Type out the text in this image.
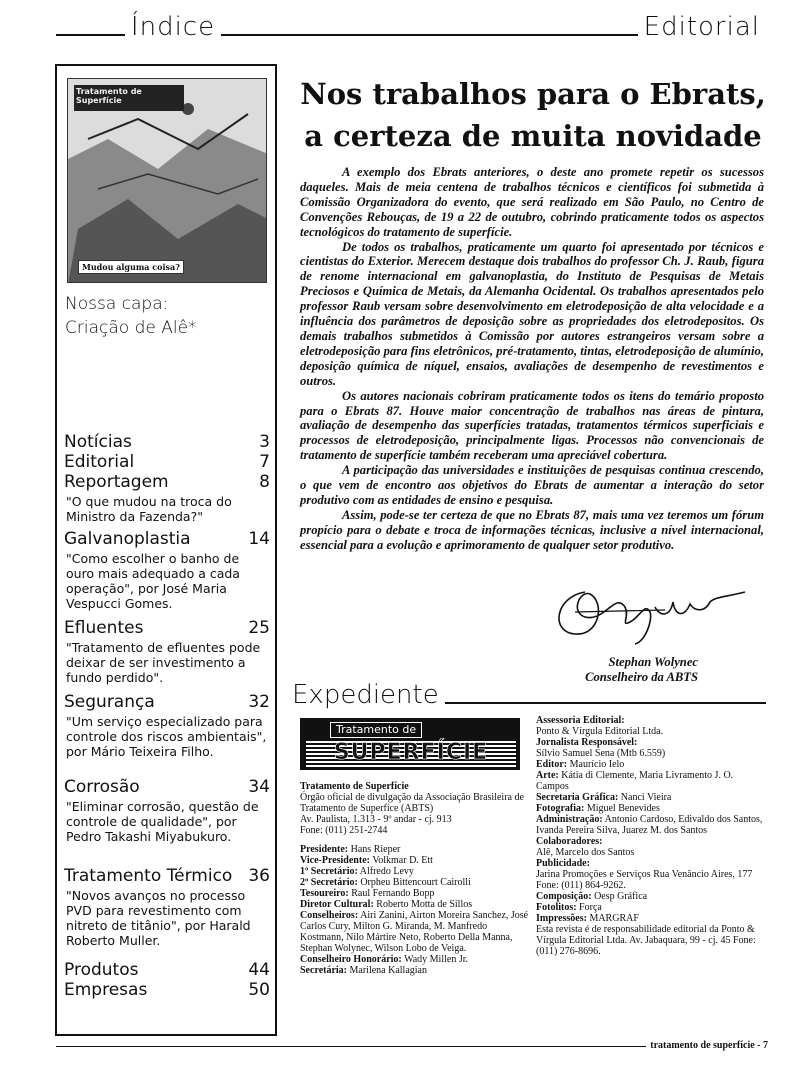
Índice	Editorial
Tratamento de Superfície
Mudou alguma coisa?
Nossa capa:
Criação de Alê*
Notícias	3
Editorial	7
Reportagem	8
"O que mudou na troca do Ministro da Fazenda?"
Galvanoplastia	14
"Como escolher o banho de ouro mais adequado a cada operação", por José Maria Vespucci Gomes.
Efluentes	25
"Tratamento de efluentes pode deixar de ser investimento a fundo perdido".
Segurança	32
"Um serviço especializado para controle dos riscos ambientais", por Mário Teixeira Filho.
Corrosão	34
"Eliminar corrosão, questão de controle de qualidade", por Pedro Takashi Miyabukuro.
Tratamento Térmico 36
"Novos avanços no processo PVD para revestimento com nitreto de titânio", por Harald Roberto Muller.
Produtos	44
Empresas	50
Nos trabalhos para o Ebrats,
a certeza de muita novidade

A exemplo dos Ebrats anteriores, o deste ano promete repetir os sucessos daqueles. Mais de meia centena de trabalhos técnicos e científicos foi submetida à Comissão Organizadora do evento, que será realizado em São Paulo, no Centro de Convenções Rebouças, de 19 a 22 de outubro, cobrindo praticamente todos os aspectos tecnológicos do tratamento de superfície.

De todos os trabalhos, praticamente um quarto foi apresentado por técnicos e cientistas do Exterior. Merecem destaque dois trabalhos do professor Ch. J. Raub, figura de renome internacional em galvanoplastia, do Instituto de Pesquisas de Metais Preciosos e Química de Metais, da Alemanha Ocidental. Os trabalhos apresentados pelo professor Raub versam sobre desenvolvimento em eletrodeposição de alta velocidade e a influência dos parâmetros de deposição sobre as propriedades dos eletrodepositos. Os demais trabalhos submetidos à Comissão por autores estrangeiros versam sobre a eletrodeposição para fins eletrônicos, pré-tratamento, tintas, eletrodeposição de alumínio, deposição química de níquel, ensaios, avaliações de desempenho de revestimentos e outros.

Os autores nacionais cobriram praticamente todos os itens do temário proposto para o Ebrats 87. Houve maior concentração de trabalhos nas áreas de pintura, avaliação de desempenho das superfícies tratadas, tratamentos térmicos superficiais e processos de eletrodeposição, principalmente ligas. Processos não convencionais de tratamento de superfície também receberam uma apreciável cobertura.

A participação das universidades e instituições de pesquisas continua crescendo, o que vem de encontro aos objetivos do Ebrats de aumentar a interação do setor produtivo com as entidades de ensino e pesquisa.

Assim, pode-se ter certeza de que no Ebrats 87, mais uma vez teremos um fórum propício para o debate e troca de informações técnicas, inclusive a nível internacional, essencial para a evolução e aprimoramento de qualquer setor produtivo.

Stephan Wolynec
Conselheiro da ABTS
Expediente
Tratamento de
SUPERFÍCIE
Tratamento de Superfície
Órgão oficial de divulgação da Associação Brasileira de Tratamento de Superfíce (ABTS)
Av. Paulista, 1.313 - 9º andar - cj. 913
Fone: (011) 251-2744
Presidente: Hans Rieper
Vice-Presidente: Volkmar D. Ett
1º Secretário: Alfredo Levy
2º Secretário: Orpheu Bittencourt Cairolli
Tesoureiro: Raul Fernando Bopp
Diretor Cultural: Roberto Motta de Sillos
Conselheiros: Airi Zanini, Airton Moreira Sanchez, José Carlos Cury, Milton G. Miranda, M. Manfredo Kostmann, Nilo Mártire Neto, Roberto Della Manna, Stephan Wolynec, Wilson Lobo de Veiga.
Conselheiro Honorário: Wady Millen Jr.
Secretária: Marilena Kallagian
Assessoria Editorial:
Ponto & Vírgula Editorial Ltda.
Jornalista Responsável:
Sílvio Samuel Sena (Mtb 6.559)
Editor: Maurício Ielo
Arte: Kátia di Clemente, Maria Livramento J. O. Campos
Secretaria Gráfica: Nanci Vieira
Fotografia: Miguel Benevides
Administração: Antonio Cardoso, Edivaldo dos Santos, Ivanda Pereira Silva, Juarez M. dos Santos
Colaboradores:
Alê, Marcelo dos Santos
Publicidade:
Jarina Promoções e Serviços Rua Venâncio Aires, 177 Fone: (011) 864-9262.
Composição: Oesp Gráfica
Fotolitos: Força
Impressões: MARGRAF
Esta revista é de responsabilidade editorial da Ponto & Vírgula Editorial Ltda. Av. Jabaquara, 99 - cj. 45 Fone: (011) 276-8696.
tratamento de superfície - 7
